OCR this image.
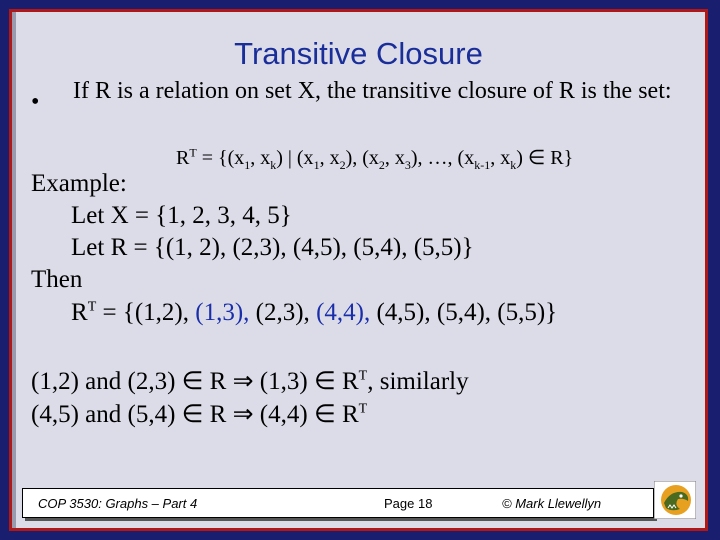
Transitive Closure
• If R is a relation on set X, the transitive closure of R is the set:
$R^T = \{(x_1$, $x_k$) | ($x_1$, $x_2$), ($x_2$, $x_3$), …, ($x_{k-1}$, $x_k$) ∈ R}
Example:
Let X = {1, 2, 3, 4, 5}
Let R = {(1, 2), (2,3), (4,5), (5,4), (5,5)}
Then
$R^T = \{(1,2)$, (1,3), (2,3), (4,4), (4,5), (5,4), (5,5)}
(1,2) and (2,3) ∈ R ⇒ (1,3) ∈ $R^T$, similarly
(4,5) and (5,4) ∈ R ⇒ (4,4) ∈ $R^T$
COP 3530: Graphs – Part 4	Page 18	© Mark Llewellyn
